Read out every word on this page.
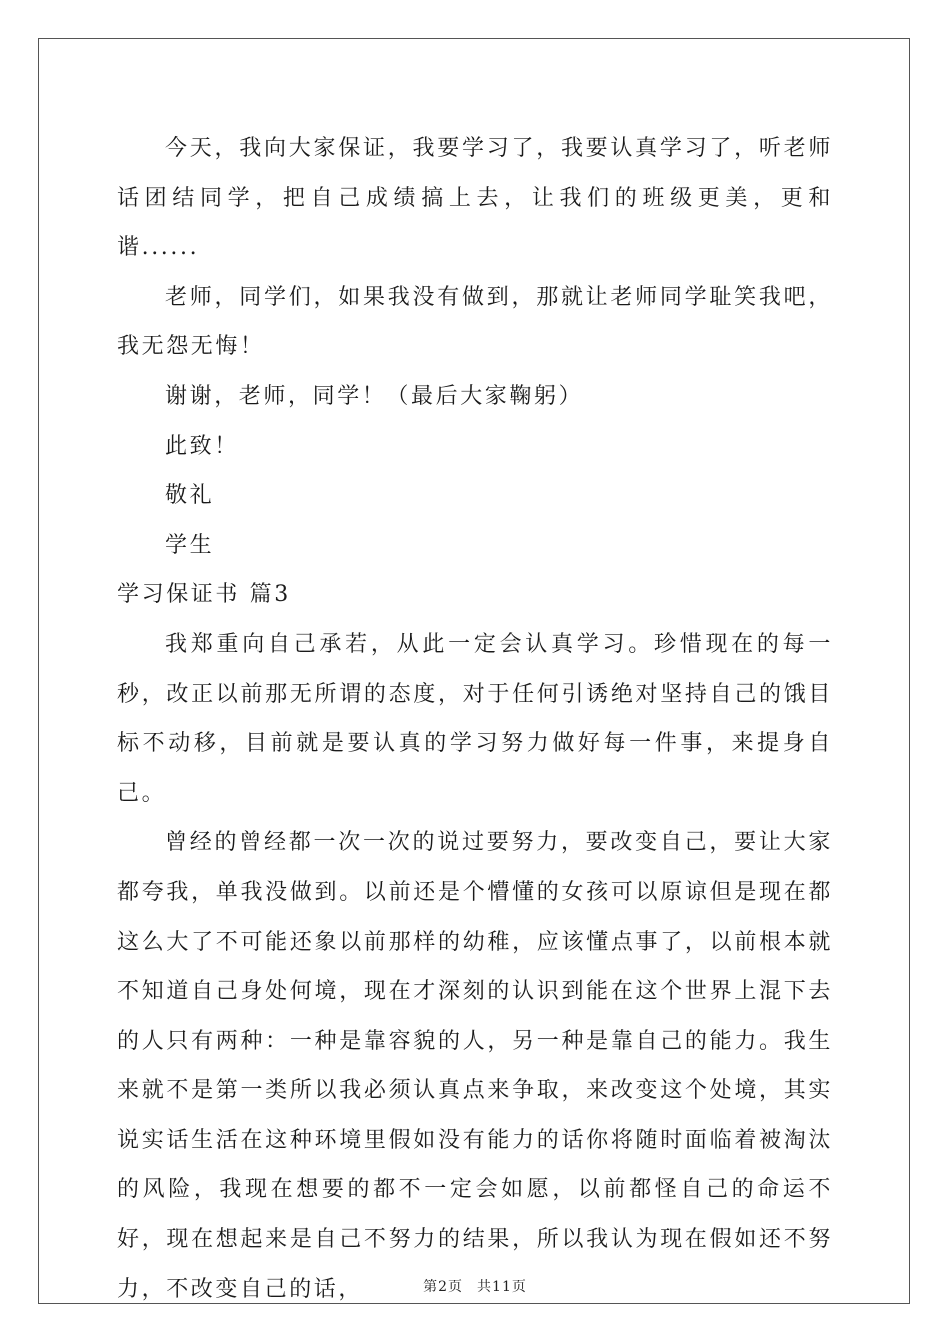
今天，我向大家保证，我要学习了，我要认真学习了，听老师话团结同学，把自己成绩搞上去，让我们的班级更美，更和谐......

老师，同学们，如果我没有做到，那就让老师同学耻笑我吧，我无怨无悔！

谢谢，老师，同学！（最后大家鞠躬）

此致！

敬礼

学生

学习保证书 篇3

我郑重向自己承若，从此一定会认真学习。珍惜现在的每一秒，改正以前那无所谓的态度，对于任何引诱绝对坚持自己的饿目标不动移，目前就是要认真的学习努力做好每一件事，来提身自己。

曾经的曾经都一次一次的说过要努力，要改变自己，要让大家都夸我，单我没做到。以前还是个懵懂的女孩可以原谅但是现在都这么大了不可能还象以前那样的幼稚，应该懂点事了，以前根本就不知道自己身处何境，现在才深刻的认识到能在这个世界上混下去的人只有两种：一种是靠容貌的人，另一种是靠自己的能力。我生来就不是第一类所以我必须认真点来争取，来改变这个处境，其实说实话生活在这种环境里假如没有能力的话你将随时面临着被淘汰的风险，我现在想要的都不一定会如愿，以前都怪自己的命运不好，现在想起来是自己不努力的结果，所以我认为现在假如还不努力，不改变自己的话，	第2页 共11页
